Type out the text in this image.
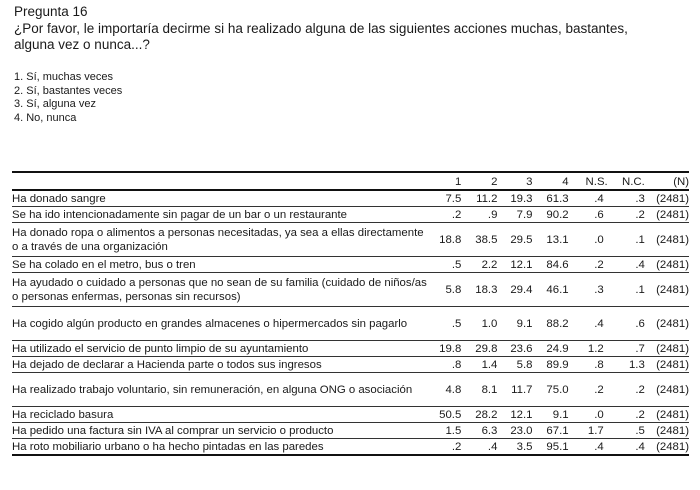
Pregunta 16

¿Por favor, le importaría decirme si ha realizado alguna de las siguientes acciones muchas, bastantes, alguna vez o nunca...?

1. Sí, muchas veces
2. Sí, bastantes veces
3. Sí, alguna vez
4. No, nunca
	1	2	3	4	N.S.	N.C.	(N)
Ha donado sangre	7.5	11.2	19.3	61.3	.4	.3	(2481)
Se ha ido intencionadamente sin pagar de un bar o un restaurante	.2	.9	7.9	90.2	.6	.2	(2481)
Ha donado ropa o alimentos a personas necesitadas, ya sea a ellas directamente o a través de una organización	18.8	38.5	29.5	13.1	.0	.1	(2481)
Se ha colado en el metro, bus o tren	.5	2.2	12.1	84.6	.2	.4	(2481)
Ha ayudado o cuidado a personas que no sean de su familia (cuidado de niños/as o personas enfermas, personas sin recursos)	5.8	18.3	29.4	46.1	.3	.1	(2481)
Ha cogido algún producto en grandes almacenes o hipermercados sin pagarlo	.5	1.0	9.1	88.2	.4	.6	(2481)
Ha utilizado el servicio de punto limpio de su ayuntamiento	19.8	29.8	23.6	24.9	1.2	.7	(2481)
Ha dejado de declarar a Hacienda parte o todos sus ingresos	.8	1.4	5.8	89.9	.8	1.3	(2481)
Ha realizado trabajo voluntario, sin remuneración, en alguna ONG o asociación	4.8	8.1	11.7	75.0	.2	.2	(2481)
Ha reciclado basura	50.5	28.2	12.1	9.1	.0	.2	(2481)
Ha pedido una factura sin IVA al comprar un servicio o producto	1.5	6.3	23.0	67.1	1.7	.5	(2481)
Ha roto mobiliario urbano o ha hecho pintadas en las paredes	.2	.4	3.5	95.1	.4	.4	(2481)
